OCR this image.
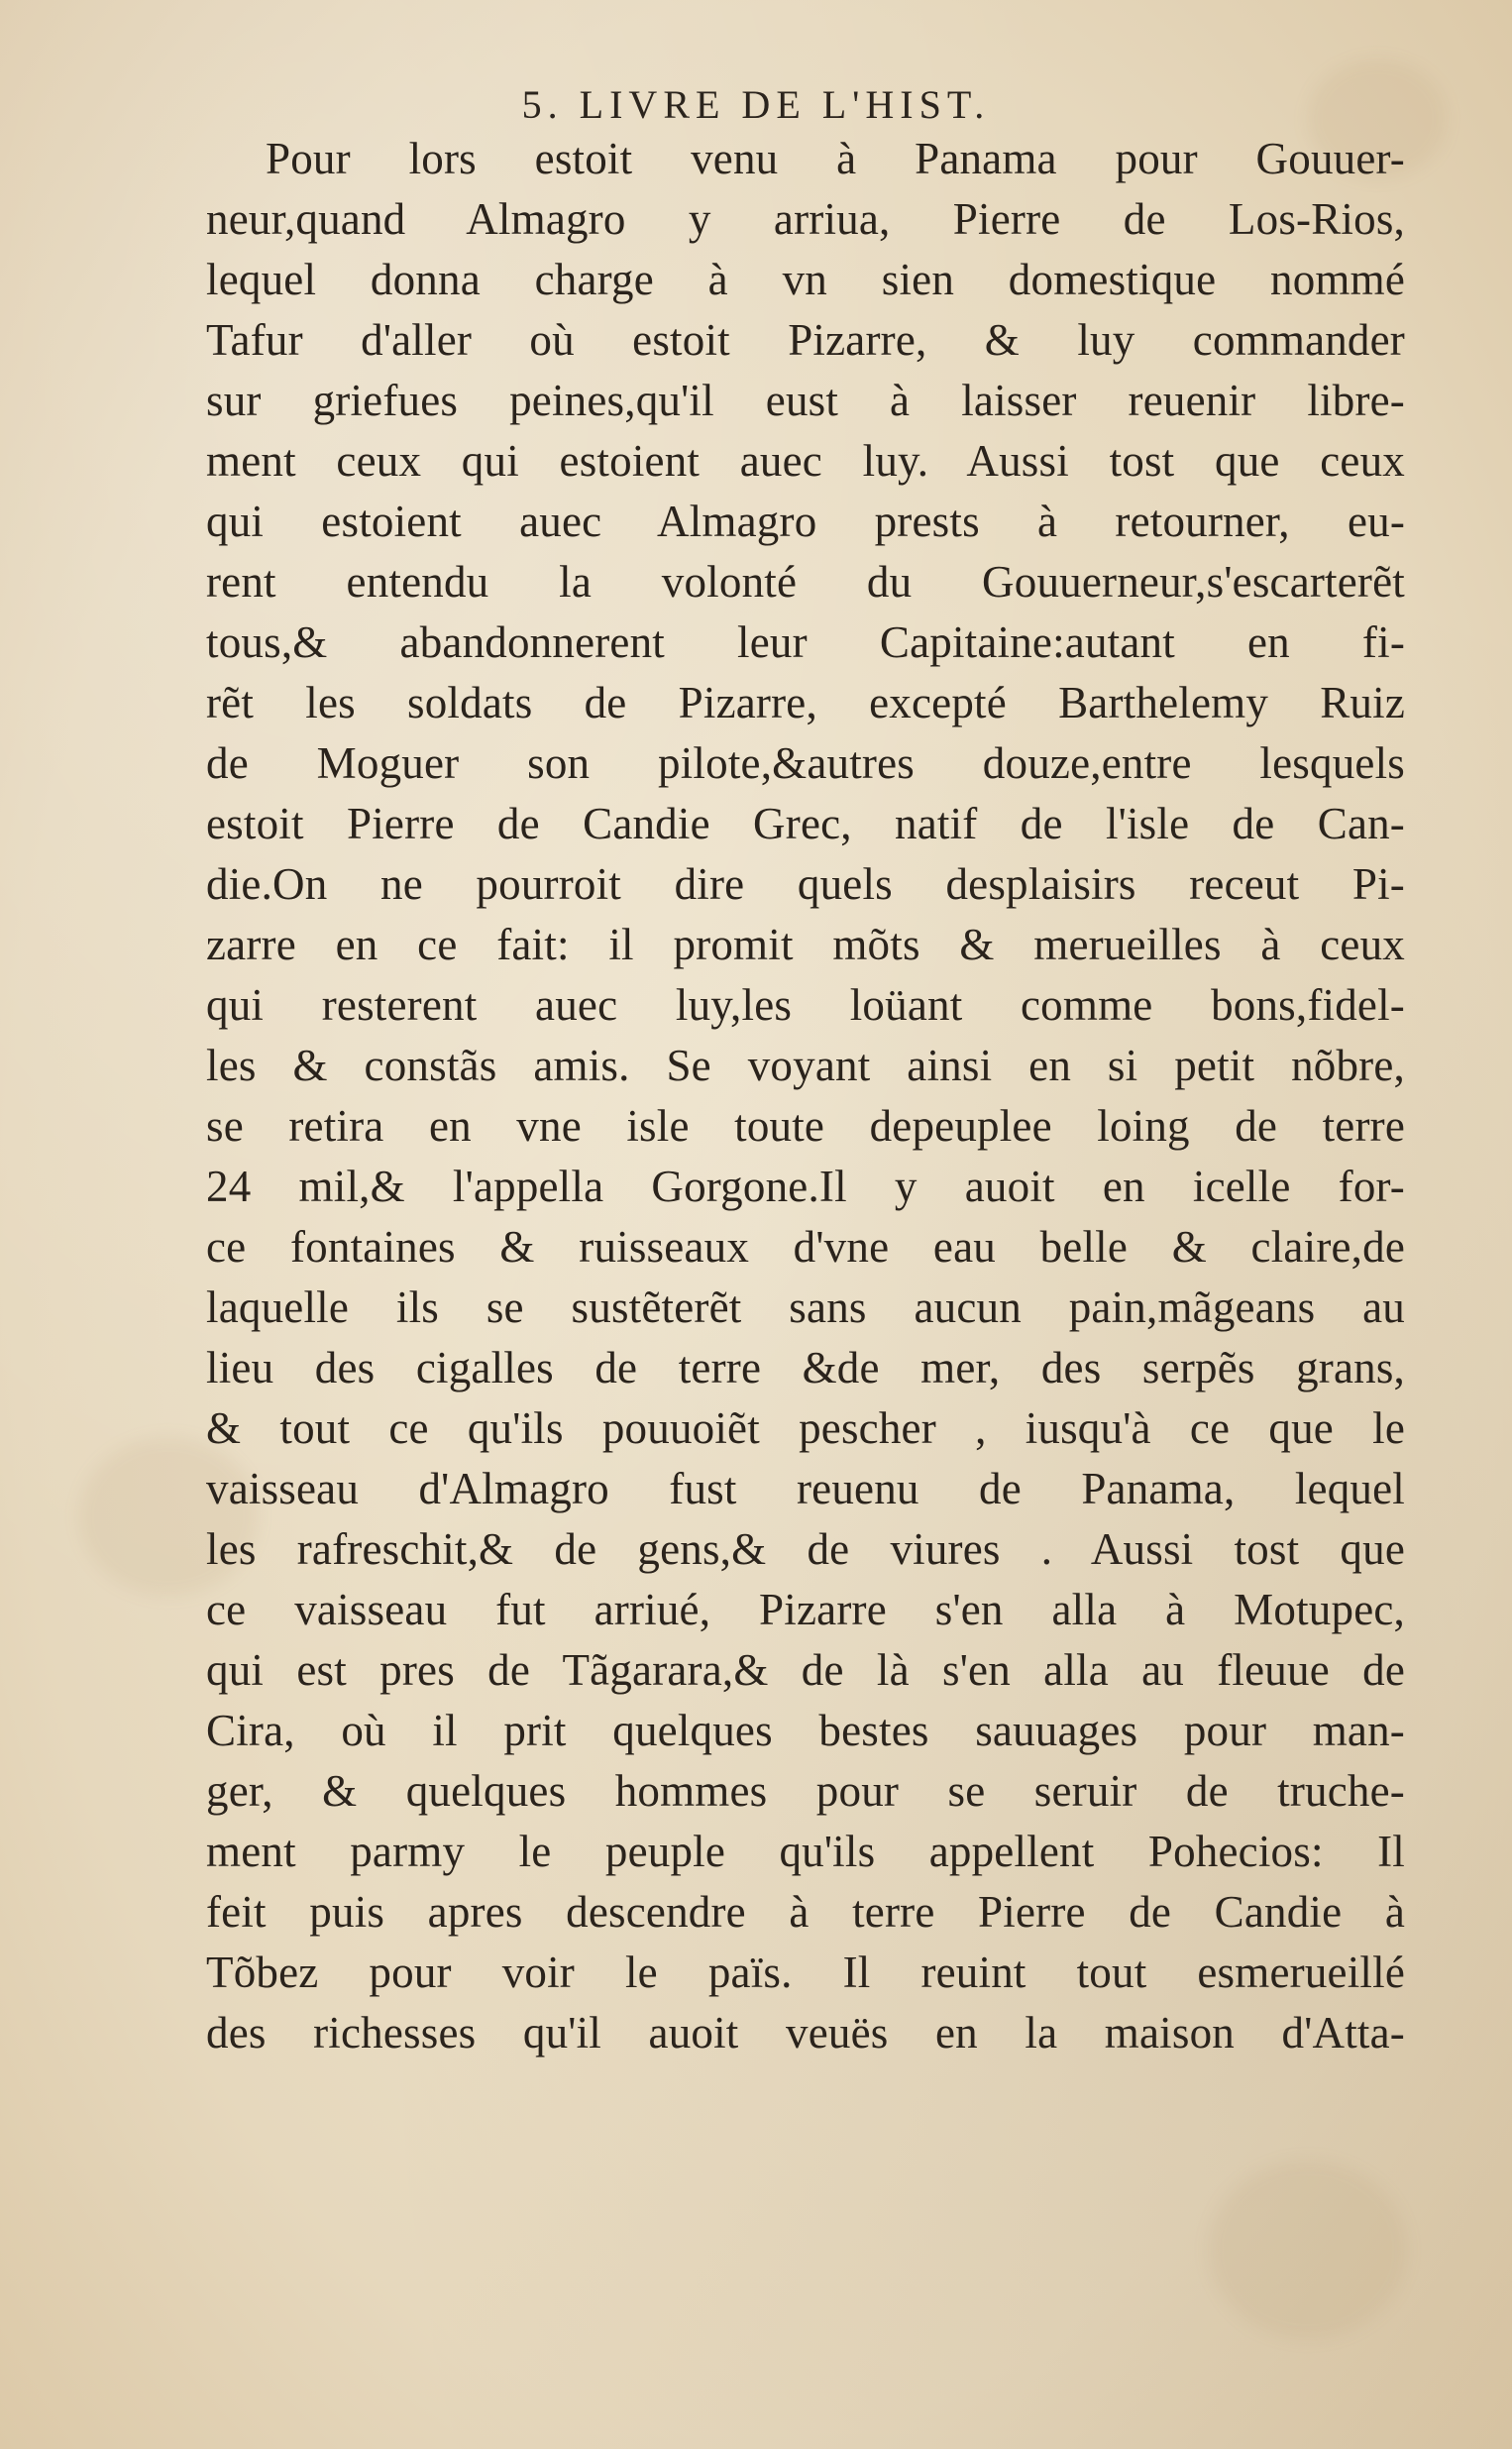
5. LIVRE DE L'HIST.
Pour lors estoit venu à Panama pour Gouuer-
neur,quand Almagro y arriua, Pierre de Los-Rios,
lequel donna charge à vn sien domestique nommé
Tafur d'aller où estoit Pizarre, & luy commander
sur griefues peines,qu'il eust à laisser reuenir libre-
ment ceux qui estoient auec luy. Aussi tost que ceux
qui estoient auec Almagro prests à retourner, eu-
rent entendu la volonté du Gouuerneur,s'escarterẽt
tous,& abandonnerent leur Capitaine:autant en fi-
rẽt les soldats de Pizarre, excepté Barthelemy Ruiz
de Moguer son pilote,&autres douze,entre lesquels
estoit Pierre de Candie Grec, natif de l'isle de Can-
die.On ne pourroit dire quels desplaisirs receut Pi-
zarre en ce fait: il promit mõts & merueilles à ceux
qui resterent auec luy,les loüant comme bons,fidel-
les & constãs amis. Se voyant ainsi en si petit nõbre,
se retira en vne isle toute depeuplee loing de terre
24 mil,& l'appella Gorgone.Il y auoit en icelle for-
ce fontaines & ruisseaux d'vne eau belle & claire,de
laquelle ils se sustẽterẽt sans aucun pain,mãgeans au
lieu des cigalles de terre &de mer, des serpẽs grans,
& tout ce qu'ils pouuoiẽt pescher , iusqu'à ce que le
vaisseau d'Almagro fust reuenu de Panama, lequel
les rafreschit,& de gens,& de viures . Aussi tost que
ce vaisseau fut arriué, Pizarre s'en alla à Motupec,
qui est pres de Tãgarara,& de là s'en alla au fleuue de
Cira, où il prit quelques bestes sauuages pour man-
ger, & quelques hommes pour se seruir de truche-
ment parmy le peuple qu'ils appellent Pohecios: Il
feit puis apres descendre à terre Pierre de Candie à
Tõbez pour voir le païs. Il reuint tout esmerueillé
des richesses qu'il auoit veuës en la maison d'Atta-
